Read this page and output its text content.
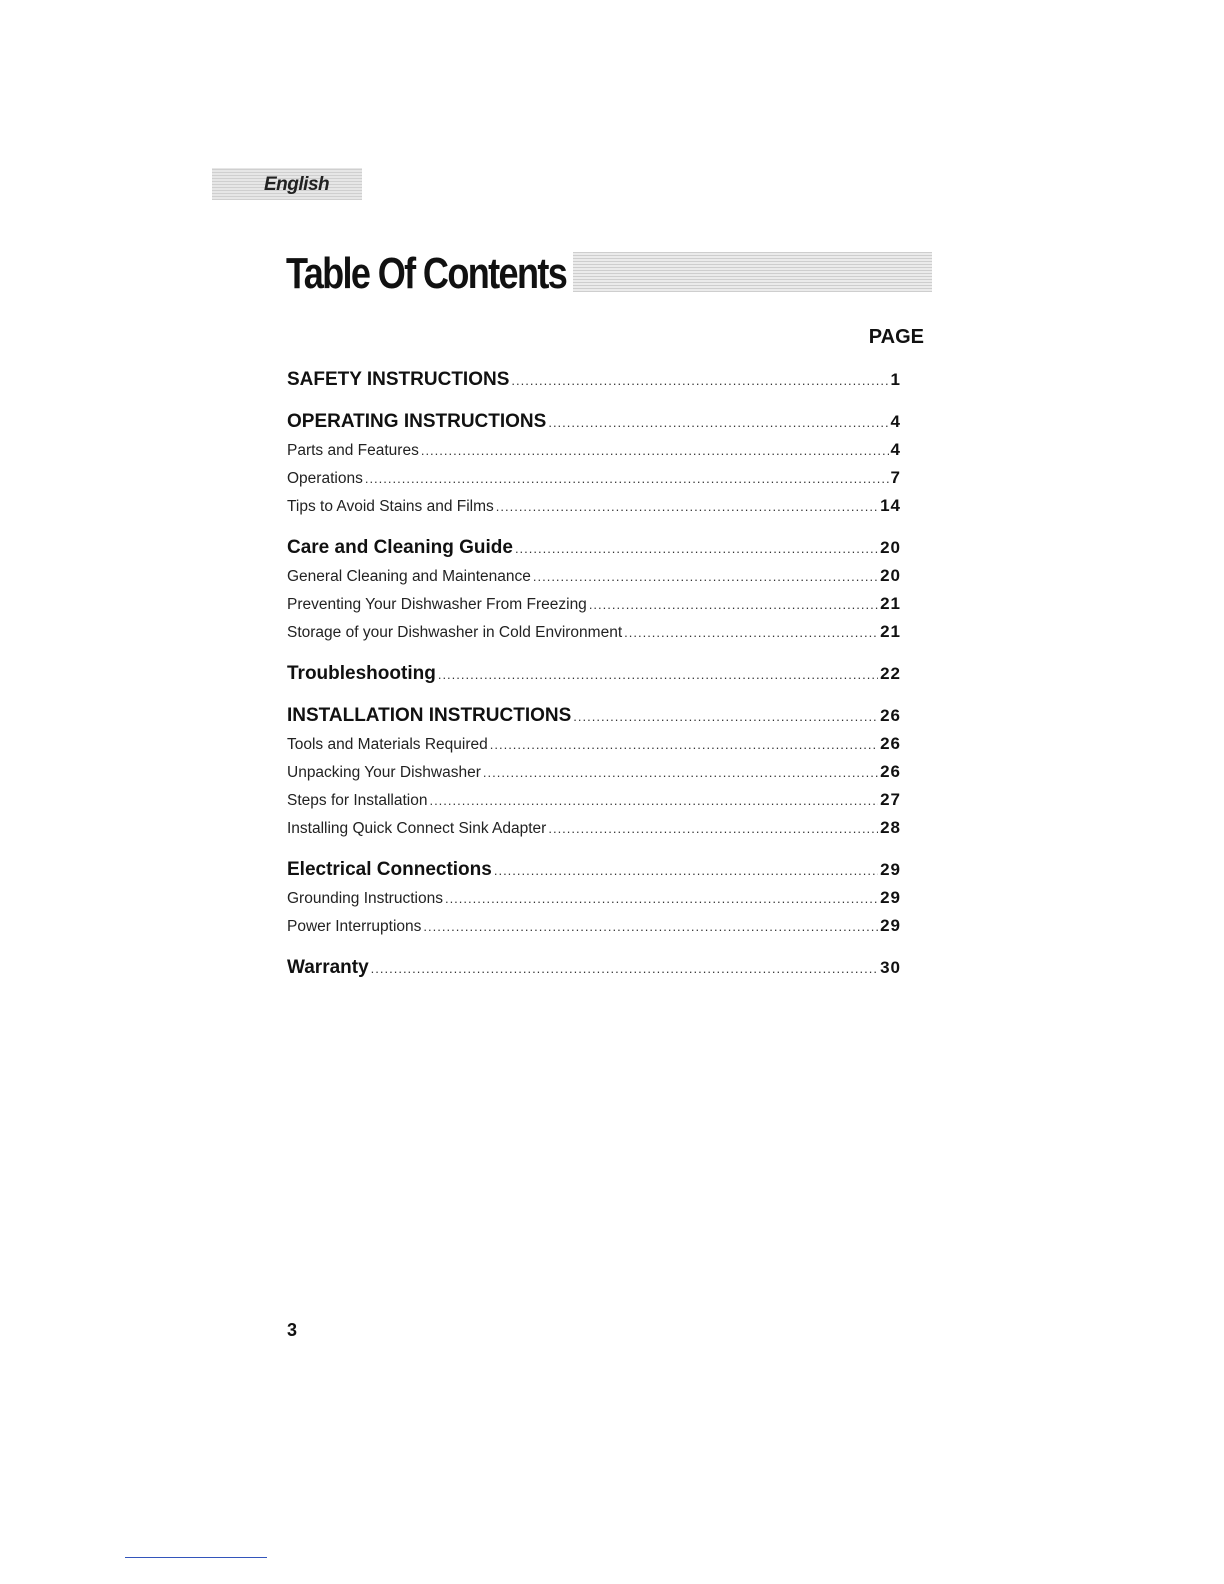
English
Table Of Contents
PAGE
SAFETY INSTRUCTIONS .....	1
OPERATING INSTRUCTIONS .....	4
Parts and Features .....	4
Operations .....	7
Tips to Avoid Stains and Films .....	14
Care and Cleaning Guide .....	20
General Cleaning and Maintenance .....	20
Preventing Your Dishwasher From Freezing .....	21
Storage of your Dishwasher in Cold Environment .....	21
Troubleshooting .....	22
INSTALLATION INSTRUCTIONS .....	26
Tools and Materials Required .....	26
Unpacking Your Dishwasher .....	26
Steps for Installation .....	27
Installing Quick Connect Sink Adapter .....	28
Electrical Connections .....	29
Grounding Instructions .....	29
Power Interruptions .....	29
Warranty .....	30
3
